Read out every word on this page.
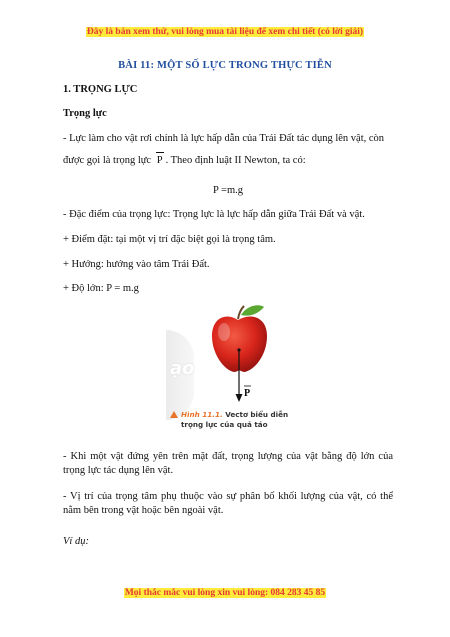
Đây là bản xem thử, vui lòng mua tài liệu để xem chi tiết (có lời giải)
BÀI 11: MỘT SỐ LỰC TRONG THỰC TIỄN
1. TRỌNG LỰC
Trọng lực
- Lực làm cho vật rơi chính là lực hấp dẫn của Trái Đất tác dụng lên vật, còn
được gọi là trọng lực P . Theo định luật II Newton, ta có:
P =m.g
- Đặc điểm của trọng lực: Trọng lực là lực hấp dẫn giữa Trái Đất và vật.
+ Điểm đặt: tại một vị trí đặc biệt gọi là trọng tâm.
+ Hướng: hướng vào tâm Trái Đất.
+ Độ lớn: P = m.g
ạo
P
Hình 11.1. Vectơ biểu diễn
trọng lực của quả táo
- Khi một vật đứng yên trên mặt đất, trọng lượng của vật bằng độ lớn của trọng lực tác dụng lên vật.
- Vị trí của trọng tâm phụ thuộc vào sự phân bố khối lượng của vật, có thể nằm bên trong vật hoặc bên ngoài vật.
Ví dụ:
Mọi thắc mắc vui lòng xin vui lòng: 084 283 45 85
